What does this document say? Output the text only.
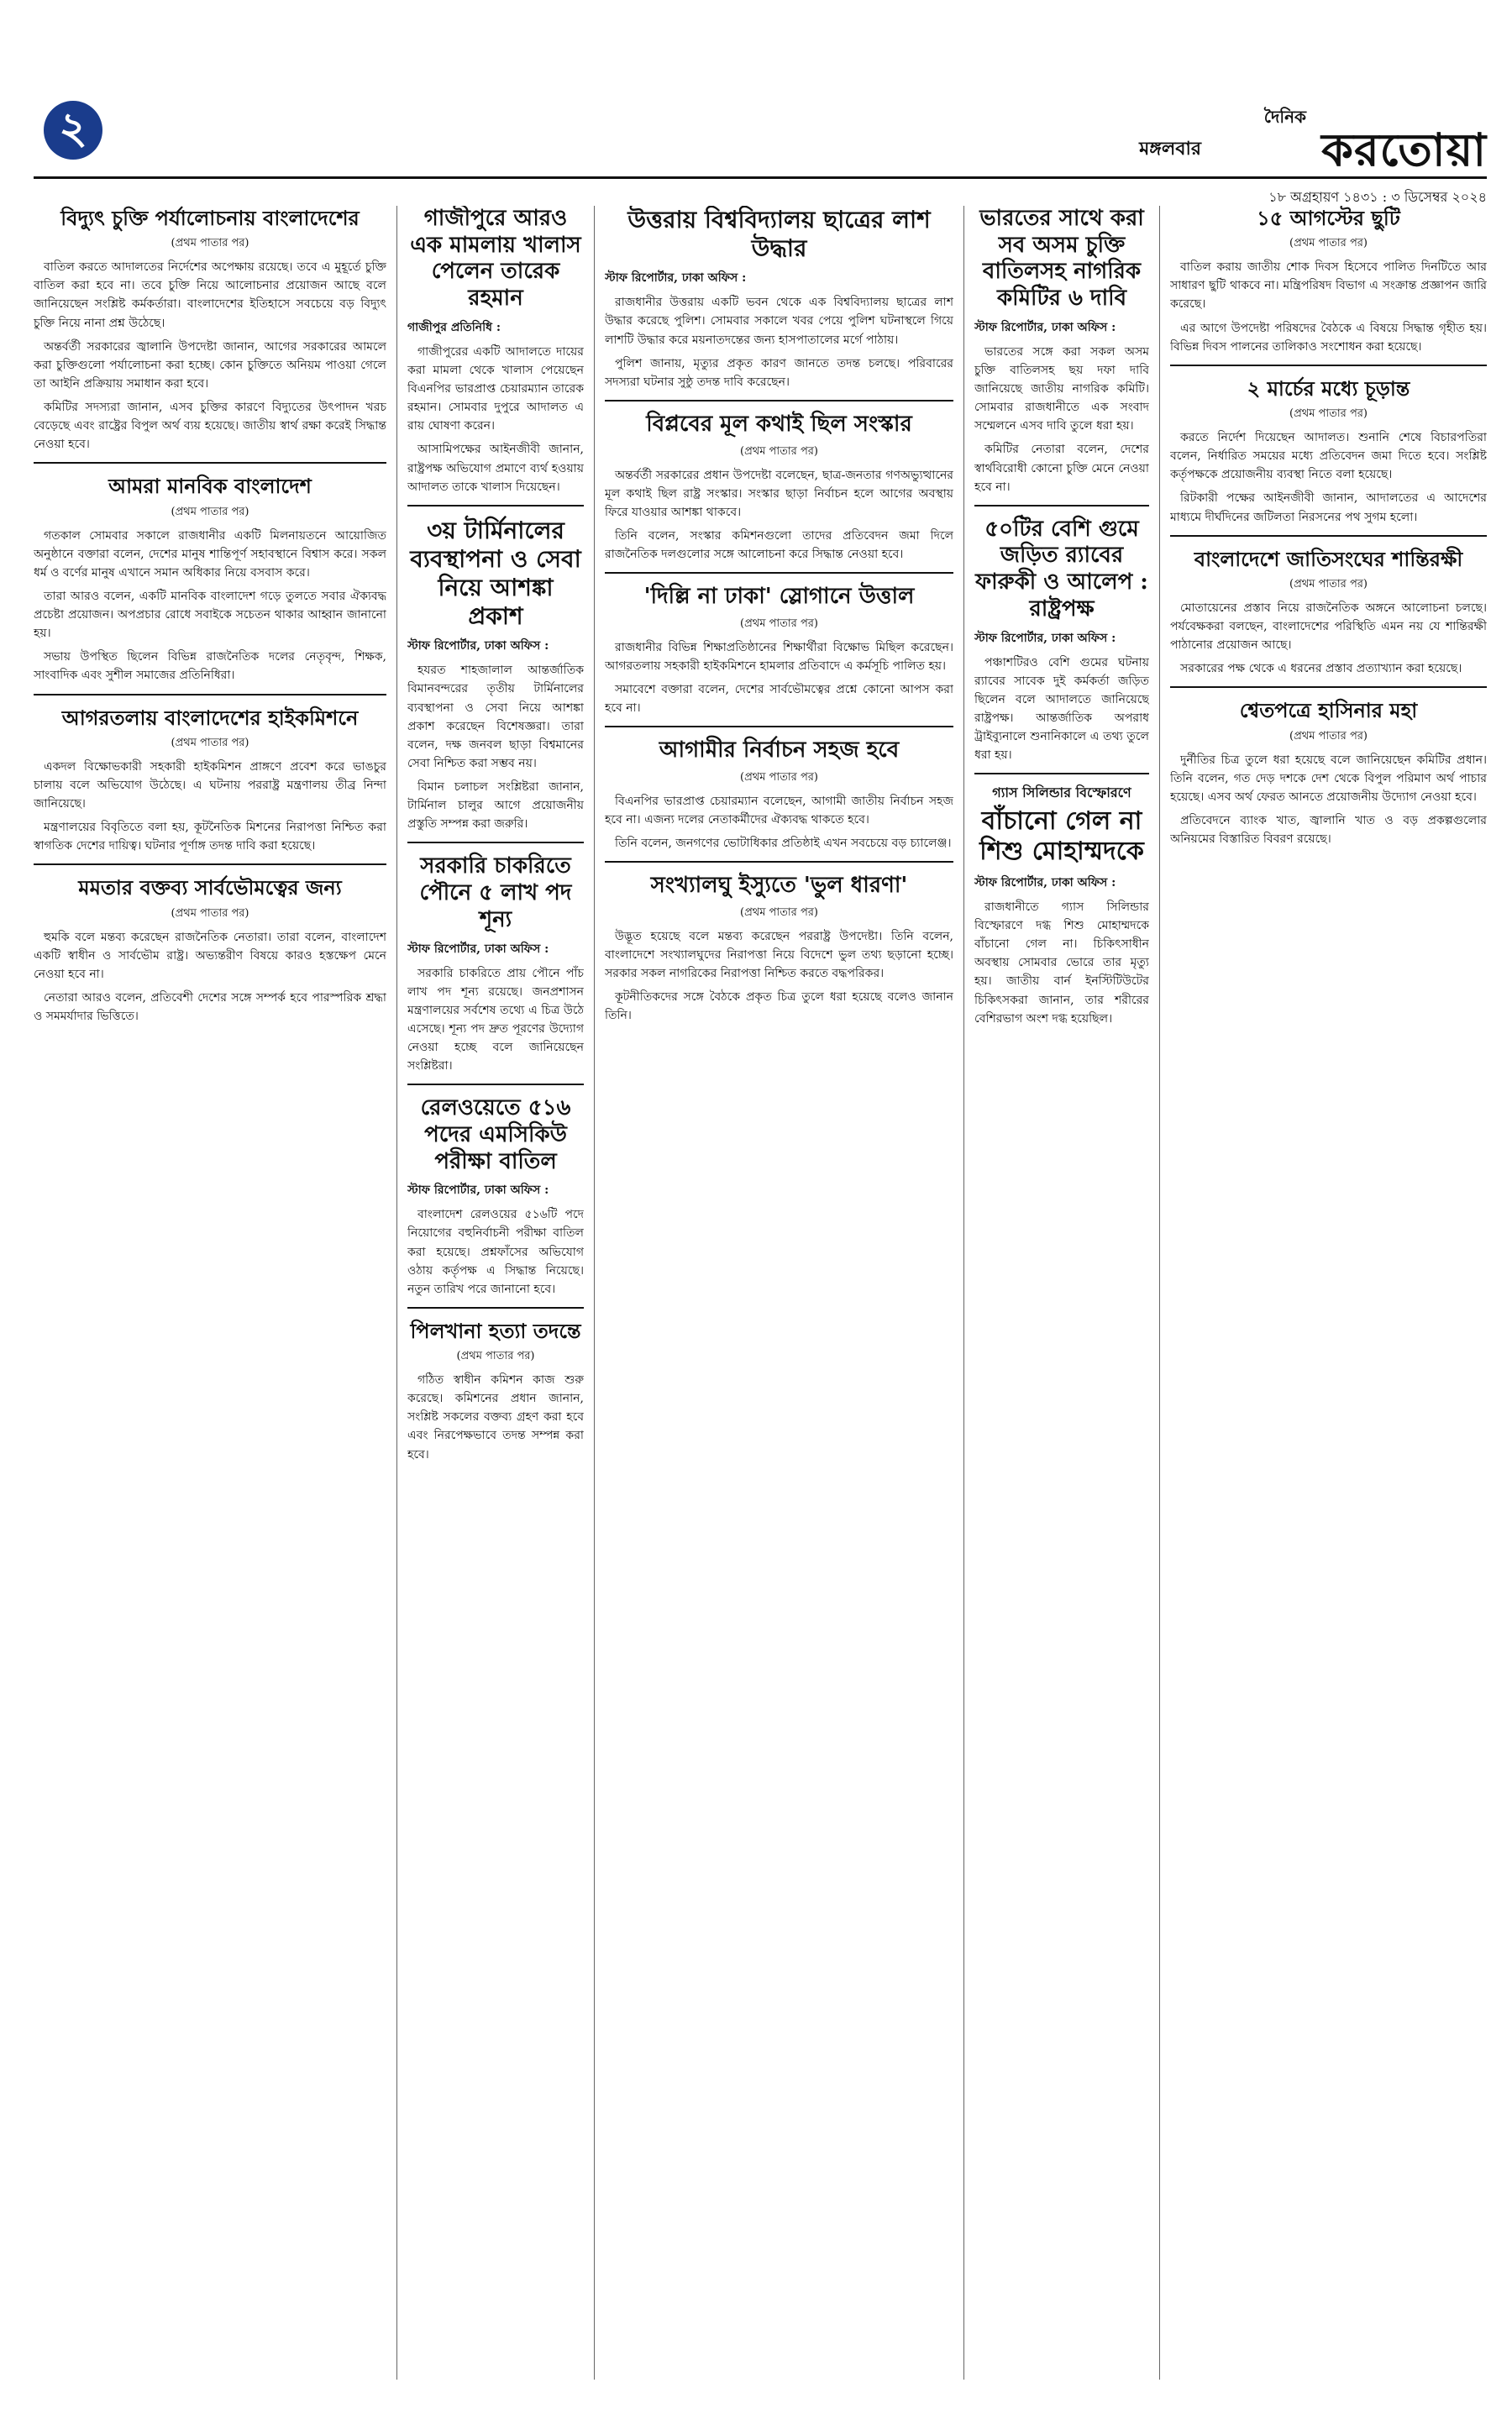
২	মঙ্গলবার
দৈনিক
করতোয়া
১৮ অগ্রহায়ণ ১৪৩১ : ৩ ডিসেম্বর ২০২৪
বিদ্যুৎ চুক্তি পর্যালোচনায় বাংলাদেশের
(প্রথম পাতার পর)

বাতিল করতে আদালতের নির্দেশের অপেক্ষায় রয়েছে। তবে এ মুহূর্তে চুক্তি বাতিল করা হবে না। তবে চুক্তি নিয়ে আলোচনার প্রয়োজন আছে বলে জানিয়েছেন সংশ্লিষ্ট কর্মকর্তারা। বাংলাদেশের ইতিহাসে সবচেয়ে বড় বিদ্যুৎ চুক্তি নিয়ে নানা প্রশ্ন উঠেছে।

অন্তর্বর্তী সরকারের জ্বালানি উপদেষ্টা জানান, আগের সরকারের আমলে করা চুক্তিগুলো পর্যালোচনা করা হচ্ছে। কোন চুক্তিতে অনিয়ম পাওয়া গেলে তা আইনি প্রক্রিয়ায় সমাধান করা হবে।

কমিটির সদস্যরা জানান, এসব চুক্তির কারণে বিদ্যুতের উৎপাদন খরচ বেড়েছে এবং রাষ্ট্রের বিপুল অর্থ ব্যয় হয়েছে। জাতীয় স্বার্থ রক্ষা করেই সিদ্ধান্ত নেওয়া হবে।

আমরা মানবিক বাংলাদেশ
(প্রথম পাতার পর)

গতকাল সোমবার সকালে রাজধানীর একটি মিলনায়তনে আয়োজিত অনুষ্ঠানে বক্তারা বলেন, দেশের মানুষ শান্তিপূর্ণ সহাবস্থানে বিশ্বাস করে। সকল ধর্ম ও বর্ণের মানুষ এখানে সমান অধিকার নিয়ে বসবাস করে।

তারা আরও বলেন, একটি মানবিক বাংলাদেশ গড়ে তুলতে সবার ঐক্যবদ্ধ প্রচেষ্টা প্রয়োজন। অপপ্রচার রোধে সবাইকে সচেতন থাকার আহ্বান জানানো হয়।

সভায় উপস্থিত ছিলেন বিভিন্ন রাজনৈতিক দলের নেতৃবৃন্দ, শিক্ষক, সাংবাদিক এবং সুশীল সমাজের প্রতিনিধিরা।

আগরতলায় বাংলাদেশের হাইকমিশনে
(প্রথম পাতার পর)

একদল বিক্ষোভকারী সহকারী হাইকমিশন প্রাঙ্গণে প্রবেশ করে ভাঙচুর চালায় বলে অভিযোগ উঠেছে। এ ঘটনায় পররাষ্ট্র মন্ত্রণালয় তীব্র নিন্দা জানিয়েছে।

মন্ত্রণালয়ের বিবৃতিতে বলা হয়, কূটনৈতিক মিশনের নিরাপত্তা নিশ্চিত করা স্বাগতিক দেশের দায়িত্ব। ঘটনার পূর্ণাঙ্গ তদন্ত দাবি করা হয়েছে।

মমতার বক্তব্য সার্বভৌমত্বের জন্য
(প্রথম পাতার পর)

হুমকি বলে মন্তব্য করেছেন রাজনৈতিক নেতারা। তারা বলেন, বাংলাদেশ একটি স্বাধীন ও সার্বভৌম রাষ্ট্র। অভ্যন্তরীণ বিষয়ে কারও হস্তক্ষেপ মেনে নেওয়া হবে না।

নেতারা আরও বলেন, প্রতিবেশী দেশের সঙ্গে সম্পর্ক হবে পারস্পরিক শ্রদ্ধা ও সমমর্যাদার ভিত্তিতে।

গাজীপুরে আরও এক মামলায় খালাস পেলেন তারেক রহমান
গাজীপুর প্রতিনিধি :

গাজীপুরের একটি আদালতে দায়ের করা মামলা থেকে খালাস পেয়েছেন বিএনপির ভারপ্রাপ্ত চেয়ারম্যান তারেক রহমান। সোমবার দুপুরে আদালত এ রায় ঘোষণা করেন।

আসামিপক্ষের আইনজীবী জানান, রাষ্ট্রপক্ষ অভিযোগ প্রমাণে ব্যর্থ হওয়ায় আদালত তাকে খালাস দিয়েছেন।

৩য় টার্মিনালের ব্যবস্থাপনা ও সেবা নিয়ে আশঙ্কা প্রকাশ
স্টাফ রিপোর্টার, ঢাকা অফিস :

হযরত শাহজালাল আন্তর্জাতিক বিমানবন্দরের তৃতীয় টার্মিনালের ব্যবস্থাপনা ও সেবা নিয়ে আশঙ্কা প্রকাশ করেছেন বিশেষজ্ঞরা। তারা বলেন, দক্ষ জনবল ছাড়া বিশ্বমানের সেবা নিশ্চিত করা সম্ভব নয়।

বিমান চলাচল সংশ্লিষ্টরা জানান, টার্মিনাল চালুর আগে প্রয়োজনীয় প্রস্তুতি সম্পন্ন করা জরুরি।

সরকারি চাকরিতে পৌনে ৫ লাখ পদ শূন্য
স্টাফ রিপোর্টার, ঢাকা অফিস :

সরকারি চাকরিতে প্রায় পৌনে পাঁচ লাখ পদ শূন্য রয়েছে। জনপ্রশাসন মন্ত্রণালয়ের সর্বশেষ তথ্যে এ চিত্র উঠে এসেছে। শূন্য পদ দ্রুত পূরণের উদ্যোগ নেওয়া হচ্ছে বলে জানিয়েছেন সংশ্লিষ্টরা।

রেলওয়েতে ৫১৬ পদের এমসিকিউ পরীক্ষা বাতিল
স্টাফ রিপোর্টার, ঢাকা অফিস :

বাংলাদেশ রেলওয়ের ৫১৬টি পদে নিয়োগের বহুনির্বাচনী পরীক্ষা বাতিল করা হয়েছে। প্রশ্নফাঁসের অভিযোগ ওঠায় কর্তৃপক্ষ এ সিদ্ধান্ত নিয়েছে। নতুন তারিখ পরে জানানো হবে।

পিলখানা হত্যা তদন্তে
(প্রথম পাতার পর)

গঠিত স্বাধীন কমিশন কাজ শুরু করেছে। কমিশনের প্রধান জানান, সংশ্লিষ্ট সকলের বক্তব্য গ্রহণ করা হবে এবং নিরপেক্ষভাবে তদন্ত সম্পন্ন করা হবে।

উত্তরায় বিশ্ববিদ্যালয় ছাত্রের লাশ উদ্ধার
স্টাফ রিপোর্টার, ঢাকা অফিস :

রাজধানীর উত্তরায় একটি ভবন থেকে এক বিশ্ববিদ্যালয় ছাত্রের লাশ উদ্ধার করেছে পুলিশ। সোমবার সকালে খবর পেয়ে পুলিশ ঘটনাস্থলে গিয়ে লাশটি উদ্ধার করে ময়নাতদন্তের জন্য হাসপাতালের মর্গে পাঠায়।

পুলিশ জানায়, মৃত্যুর প্রকৃত কারণ জানতে তদন্ত চলছে। পরিবারের সদস্যরা ঘটনার সুষ্ঠু তদন্ত দাবি করেছেন।

বিপ্লবের মূল কথাই ছিল সংস্কার
(প্রথম পাতার পর)

অন্তর্বর্তী সরকারের প্রধান উপদেষ্টা বলেছেন, ছাত্র-জনতার গণঅভ্যুত্থানের মূল কথাই ছিল রাষ্ট্র সংস্কার। সংস্কার ছাড়া নির্বাচন হলে আগের অবস্থায় ফিরে যাওয়ার আশঙ্কা থাকবে।

তিনি বলেন, সংস্কার কমিশনগুলো তাদের প্রতিবেদন জমা দিলে রাজনৈতিক দলগুলোর সঙ্গে আলোচনা করে সিদ্ধান্ত নেওয়া হবে।

'দিল্লি না ঢাকা' স্লোগানে উত্তাল
(প্রথম পাতার পর)

রাজধানীর বিভিন্ন শিক্ষাপ্রতিষ্ঠানের শিক্ষার্থীরা বিক্ষোভ মিছিল করেছেন। আগরতলায় সহকারী হাইকমিশনে হামলার প্রতিবাদে এ কর্মসূচি পালিত হয়।

সমাবেশে বক্তারা বলেন, দেশের সার্বভৌমত্বের প্রশ্নে কোনো আপস করা হবে না।

আগামীর নির্বাচন সহজ হবে
(প্রথম পাতার পর)

বিএনপির ভারপ্রাপ্ত চেয়ারম্যান বলেছেন, আগামী জাতীয় নির্বাচন সহজ হবে না। এজন্য দলের নেতাকর্মীদের ঐক্যবদ্ধ থাকতে হবে।

তিনি বলেন, জনগণের ভোটাধিকার প্রতিষ্ঠাই এখন সবচেয়ে বড় চ্যালেঞ্জ।

সংখ্যালঘু ইস্যুতে 'ভুল ধারণা'
(প্রথম পাতার পর)

উদ্ভূত হয়েছে বলে মন্তব্য করেছেন পররাষ্ট্র উপদেষ্টা। তিনি বলেন, বাংলাদেশে সংখ্যালঘুদের নিরাপত্তা নিয়ে বিদেশে ভুল তথ্য ছড়ানো হচ্ছে। সরকার সকল নাগরিকের নিরাপত্তা নিশ্চিত করতে বদ্ধপরিকর।

কূটনীতিকদের সঙ্গে বৈঠকে প্রকৃত চিত্র তুলে ধরা হয়েছে বলেও জানান তিনি।

ভারতের সাথে করা সব অসম চুক্তি বাতিলসহ নাগরিক কমিটির ৬ দাবি
স্টাফ রিপোর্টার, ঢাকা অফিস :

ভারতের সঙ্গে করা সকল অসম চুক্তি বাতিলসহ ছয় দফা দাবি জানিয়েছে জাতীয় নাগরিক কমিটি। সোমবার রাজধানীতে এক সংবাদ সম্মেলনে এসব দাবি তুলে ধরা হয়।

কমিটির নেতারা বলেন, দেশের স্বার্থবিরোধী কোনো চুক্তি মেনে নেওয়া হবে না।

৫০টির বেশি গুমে জড়িত র‍্যাবের ফারুকী ও আলেপ : রাষ্ট্রপক্ষ
স্টাফ রিপোর্টার, ঢাকা অফিস :

পঞ্চাশটিরও বেশি গুমের ঘটনায় র‍্যাবের সাবেক দুই কর্মকর্তা জড়িত ছিলেন বলে আদালতে জানিয়েছে রাষ্ট্রপক্ষ। আন্তর্জাতিক অপরাধ ট্রাইব্যুনালে শুনানিকালে এ তথ্য তুলে ধরা হয়।

গ্যাস সিলিন্ডার বিস্ফোরণে
বাঁচানো গেল না শিশু মোহাম্মদকে
স্টাফ রিপোর্টার, ঢাকা অফিস :

রাজধানীতে গ্যাস সিলিন্ডার বিস্ফোরণে দগ্ধ শিশু মোহাম্মদকে বাঁচানো গেল না। চিকিৎসাধীন অবস্থায় সোমবার ভোরে তার মৃত্যু হয়। জাতীয় বার্ন ইনস্টিটিউটের চিকিৎসকরা জানান, তার শরীরের বেশিরভাগ অংশ দগ্ধ হয়েছিল।

১৫ আগস্টের ছুটি
(প্রথম পাতার পর)

বাতিল করায় জাতীয় শোক দিবস হিসেবে পালিত দিনটিতে আর সাধারণ ছুটি থাকবে না। মন্ত্রিপরিষদ বিভাগ এ সংক্রান্ত প্রজ্ঞাপন জারি করেছে।

এর আগে উপদেষ্টা পরিষদের বৈঠকে এ বিষয়ে সিদ্ধান্ত গৃহীত হয়। বিভিন্ন দিবস পালনের তালিকাও সংশোধন করা হয়েছে।

২ মার্চের মধ্যে চূড়ান্ত
(প্রথম পাতার পর)

করতে নির্দেশ দিয়েছেন আদালত। শুনানি শেষে বিচারপতিরা বলেন, নির্ধারিত সময়ের মধ্যে প্রতিবেদন জমা দিতে হবে। সংশ্লিষ্ট কর্তৃপক্ষকে প্রয়োজনীয় ব্যবস্থা নিতে বলা হয়েছে।

রিটকারী পক্ষের আইনজীবী জানান, আদালতের এ আদেশের মাধ্যমে দীর্ঘদিনের জটিলতা নিরসনের পথ সুগম হলো।

বাংলাদেশে জাতিসংঘের শান্তিরক্ষী
(প্রথম পাতার পর)

মোতায়েনের প্রস্তাব নিয়ে রাজনৈতিক অঙ্গনে আলোচনা চলছে। পর্যবেক্ষকরা বলছেন, বাংলাদেশের পরিস্থিতি এমন নয় যে শান্তিরক্ষী পাঠানোর প্রয়োজন আছে।

সরকারের পক্ষ থেকে এ ধরনের প্রস্তাব প্রত্যাখ্যান করা হয়েছে।

শ্বেতপত্রে হাসিনার মহা
(প্রথম পাতার পর)

দুর্নীতির চিত্র তুলে ধরা হয়েছে বলে জানিয়েছেন কমিটির প্রধান। তিনি বলেন, গত দেড় দশকে দেশ থেকে বিপুল পরিমাণ অর্থ পাচার হয়েছে। এসব অর্থ ফেরত আনতে প্রয়োজনীয় উদ্যোগ নেওয়া হবে।

প্রতিবেদনে ব্যাংক খাত, জ্বালানি খাত ও বড় প্রকল্পগুলোর অনিয়মের বিস্তারিত বিবরণ রয়েছে।
